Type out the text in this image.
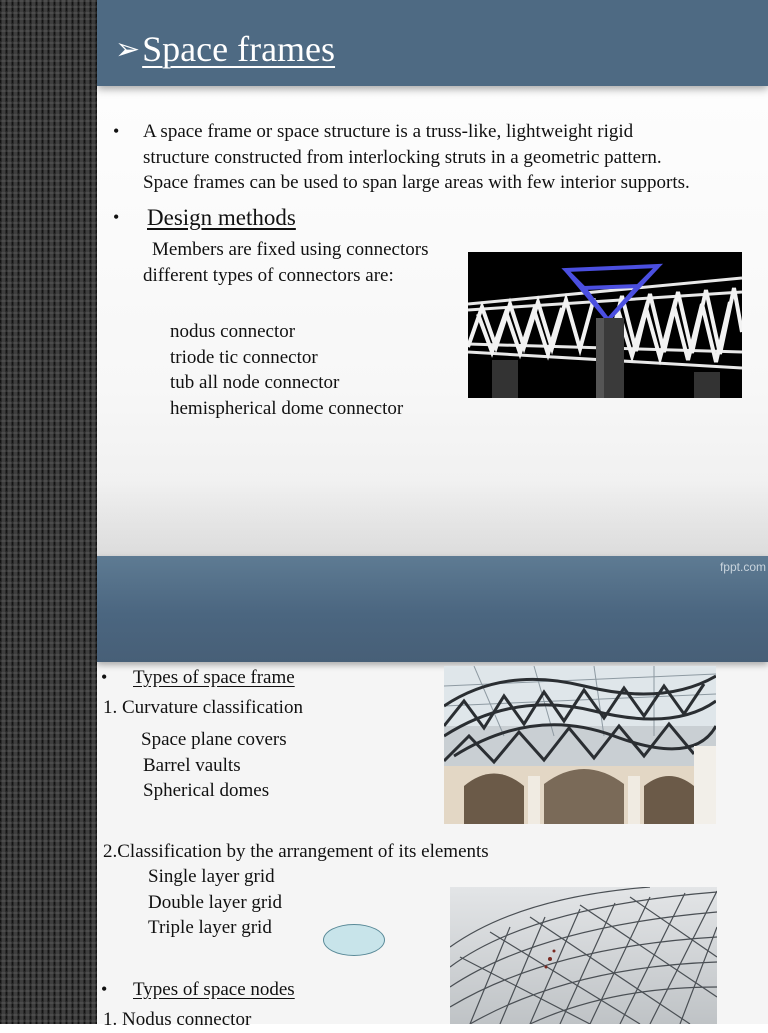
➢ Space frames
• A space frame or space structure is a truss-like, lightweight rigid
structure constructed from interlocking struts in a geometric pattern.
Space frames can be used to span large areas with few interior supports.
• Design methods
Members are fixed using connectors
different types of connectors are:
nodus connector
triode tic connector
tub all node connector
hemispherical dome connector
fppt.com
• Types of space frame
1. Curvature classification
Space plane covers
Barrel vaults
Spherical domes
2.Classification by the arrangement of its elements
Single layer grid
Double layer grid
Triple layer grid
• Types of space nodes
1. Nodus connector
